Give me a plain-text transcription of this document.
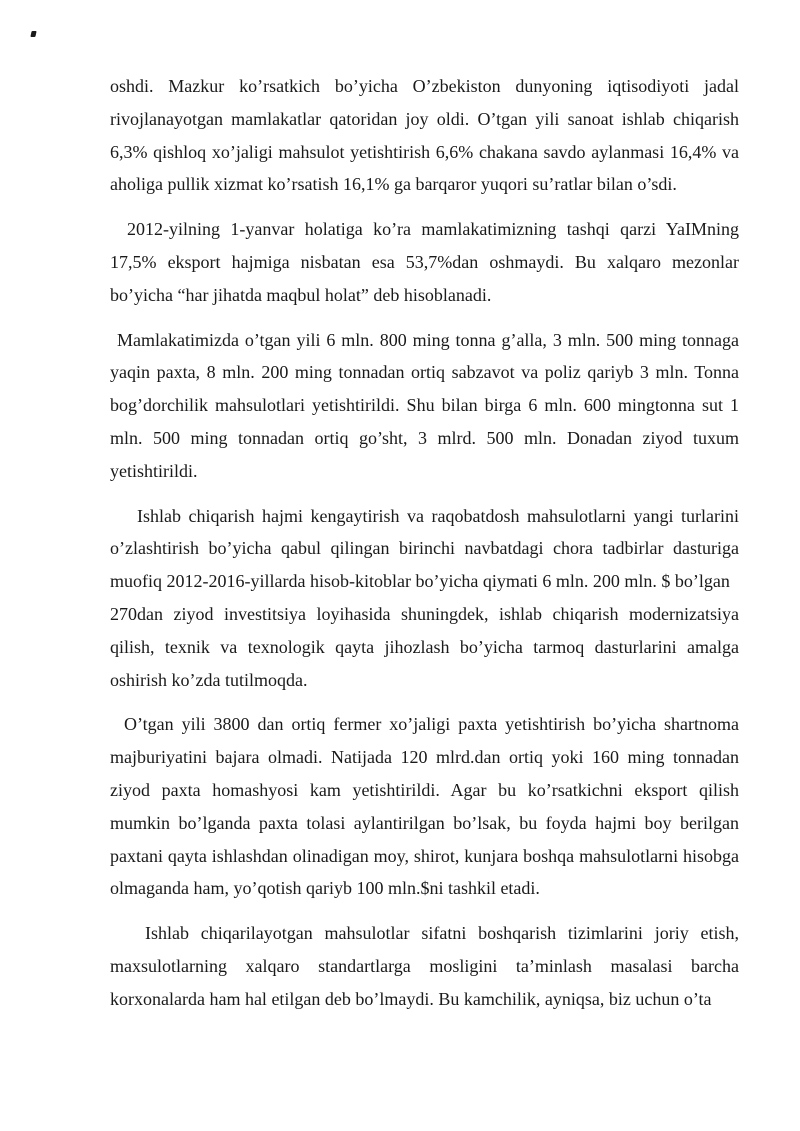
oshdi. Mazkur ko’rsatkich bo’yicha O’zbekiston dunyoning iqtisodiyoti jadal rivojlanayotgan mamlakatlar qatoridan joy oldi. O’tgan yili sanoat ishlab chiqarish 6,3% qishloq xo’jaligi mahsulot yetishtirish 6,6% chakana savdo aylanmasi 16,4% va aholiga pullik xizmat ko’rsatish 16,1% ga barqaror yuqori su’ratlar bilan o’sdi.

2012-yilning 1-yanvar holatiga ko’ra mamlakatimizning tashqi qarzi YaIMning 17,5% eksport hajmiga nisbatan esa 53,7%dan oshmaydi. Bu xalqaro mezonlar bo’yicha “har jihatda maqbul holat” deb hisoblanadi.

Mamlakatimizda o’tgan yili 6 mln. 800 ming tonna g’alla, 3 mln. 500 ming tonnaga yaqin paxta, 8 mln. 200 ming tonnadan ortiq sabzavot va poliz qariyb 3 mln. Tonna bog’dorchilik mahsulotlari yetishtirildi. Shu bilan birga 6 mln. 600 mingtonna sut 1 mln. 500 ming tonnadan ortiq go’sht, 3 mlrd. 500 mln. Donadan ziyod tuxum yetishtirildi.

Ishlab chiqarish hajmi kengaytirish va raqobatdosh mahsulotlarni yangi turlarini o’zlashtirish bo’yicha qabul qilingan birinchi navbatdagi chora tadbirlar dasturiga muofiq 2012-2016-yillarda hisob-kitoblar bo’yicha qiymati 6 mln. 200 mln. $ bo’lgan

270dan ziyod investitsiya loyihasida shuningdek, ishlab chiqarish modernizatsiya qilish, texnik va texnologik qayta jihozlash bo’yicha tarmoq dasturlarini amalga oshirish ko’zda tutilmoqda.

O’tgan yili 3800 dan ortiq fermer xo’jaligi paxta yetishtirish bo’yicha shartnoma majburiyatini bajara olmadi. Natijada 120 mlrd.dan ortiq yoki 160 ming tonnadan ziyod paxta homashyosi kam yetishtirildi. Agar bu ko’rsatkichni eksport qilish mumkin bo’lganda paxta tolasi aylantirilgan bo’lsak, bu foyda hajmi boy berilgan paxtani qayta ishlashdan olinadigan moy, shirot, kunjara boshqa mahsulotlarni hisobga olmaganda ham, yo’qotish qariyb 100 mln.$ni tashkil etadi.

Ishlab chiqarilayotgan mahsulotlar sifatni boshqarish tizimlarini joriy etish, maxsulotlarning xalqaro standartlarga mosligini ta’minlash masalasi barcha korxonalarda ham hal etilgan deb bo’lmaydi. Bu kamchilik, ayniqsa, biz uchun o’ta
